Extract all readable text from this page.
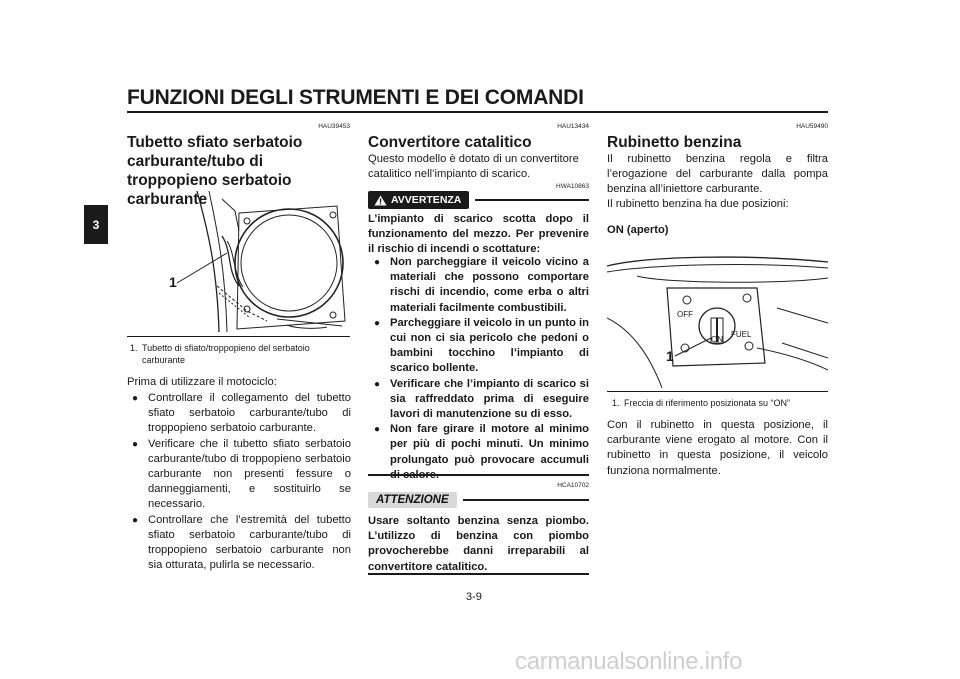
FUNZIONI DEGLI STRUMENTI E DEI COMANDI
3
HAU39453
Tubetto sfiato serbatoio carburante/tubo di troppopieno serbatoio carburante
1
1. Tubetto di sfiato/troppopieno del serbatoio carburante
Prima di utilizzare il motociclo:
● Controllare il collegamento del tubetto sfiato serbatoio carburante/tubo di troppopieno serbatoio carburante.
● Verificare che il tubetto sfiato serbatoio carburante/tubo di troppopieno serbatoio carburante non presenti fessure o danneggiamenti, e sostituirlo se necessario.
● Controllare che l’estremità del tubetto sfiato serbatoio carburante/tubo di troppopieno serbatoio carburante non sia otturata, pulirla se necessario.
HAU13434
Convertitore catalitico
Questo modello è dotato di un convertitore catalitico nell’impianto di scarico.
HWA10863
AVVERTENZA
L’impianto di scarico scotta dopo il funzionamento del mezzo. Per prevenire il rischio di incendi o scottature:
● Non parcheggiare il veicolo vicino a materiali che possono comportare rischi di incendio, come erba o altri materiali facilmente combustibili.
● Parcheggiare il veicolo in un punto in cui non ci sia pericolo che pedoni o bambini tocchino l’impianto di scarico bollente.
● Verificare che l’impianto di scarico si sia raffreddato prima di eseguire lavori di manutenzione su di esso.
● Non fare girare il motore al minimo per più di pochi minuti. Un minimo prolungato può provocare accumuli
HCA10702
ATTENZIONE
Usare soltanto benzina senza piombo. L’utilizzo di benzina con piombo provocherebbe danni irreparabili al convertitore catalitico.
HAU59490
Rubinetto benzina
Il rubinetto benzina regola e filtra l’erogazione del carburante dalla pompa benzina all’iniettore carburante.
Il rubinetto benzina ha due posizioni:
ON (aperto)
OFF
ON
FUEL
1
1. Freccia di riferimento posizionata su “ON”
Con il rubinetto in questa posizione, il carburante viene erogato al motore. Con il rubinetto in questa posizione, il veicolo funziona normalmente.
3-9
carmanualsonline.info
